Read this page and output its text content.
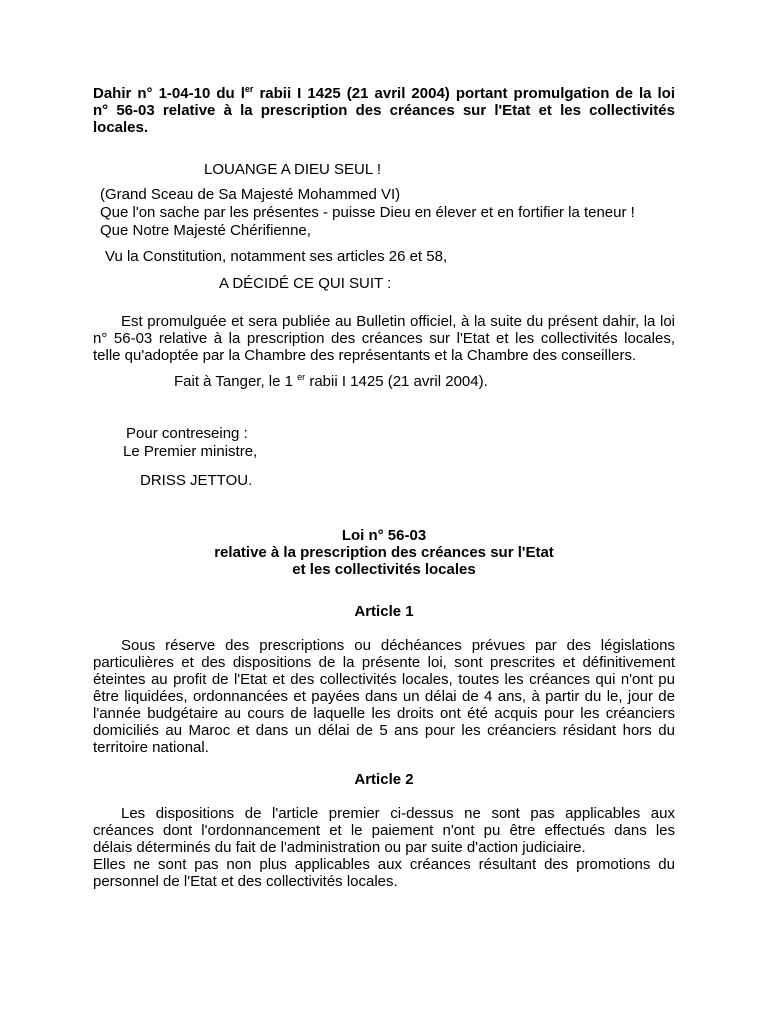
Dahir n° 1-04-10 du $l^{er}$ rabii I 1425 (21 avril 2004) portant promulgation de la loi
n° 56-03 relative à la prescription des créances sur l'Etat et les collectivités
locales.
LOUANGE A DIEU SEUL !
(Grand Sceau de Sa Majesté Mohammed VI)
Que l'on sache par les présentes - puisse Dieu en élever et en fortifier la teneur !
Que Notre Majesté Chérifienne,
Vu la Constitution, notamment ses articles 26 et 58,
A DÉCIDÉ CE QUI SUIT :
Est promulguée et sera publiée au Bulletin officiel, à la suite du présent dahir, la loi
n° 56-03 relative à la prescription des créances sur l'Etat et les collectivités locales,
telle qu'adoptée par la Chambre des représentants et la Chambre des conseillers.
Fait à Tanger, le 1 $^{er}$ rabii I 1425 (21 avril 2004).
Pour contreseing :
Le Premier ministre,
DRISS JETTOU.
Loi n° 56-03
relative à la prescription des créances sur l'Etat
et les collectivités locales
Article 1
Sous réserve des prescriptions ou déchéances prévues par des législations
particulières et des dispositions de la présente loi, sont prescrites et définitivement
éteintes au profit de l'Etat et des collectivités locales, toutes les créances qui n'ont pu
être liquidées, ordonnancées et payées dans un délai de 4 ans, à partir du le, jour de
l'année budgétaire au cours de laquelle les droits ont été acquis pour les créanciers
domiciliés au Maroc et dans un délai de 5 ans pour les créanciers résidant hors du
territoire national.
Article 2
Les dispositions de l'article premier ci-dessus ne sont pas applicables aux
créances dont l'ordonnancement et le paiement n'ont pu être effectués dans les
délais déterminés du fait de l'administration ou par suite d'action judiciaire.
Elles ne sont pas non plus applicables aux créances résultant des promotions du
personnel de l'Etat et des collectivités locales.
